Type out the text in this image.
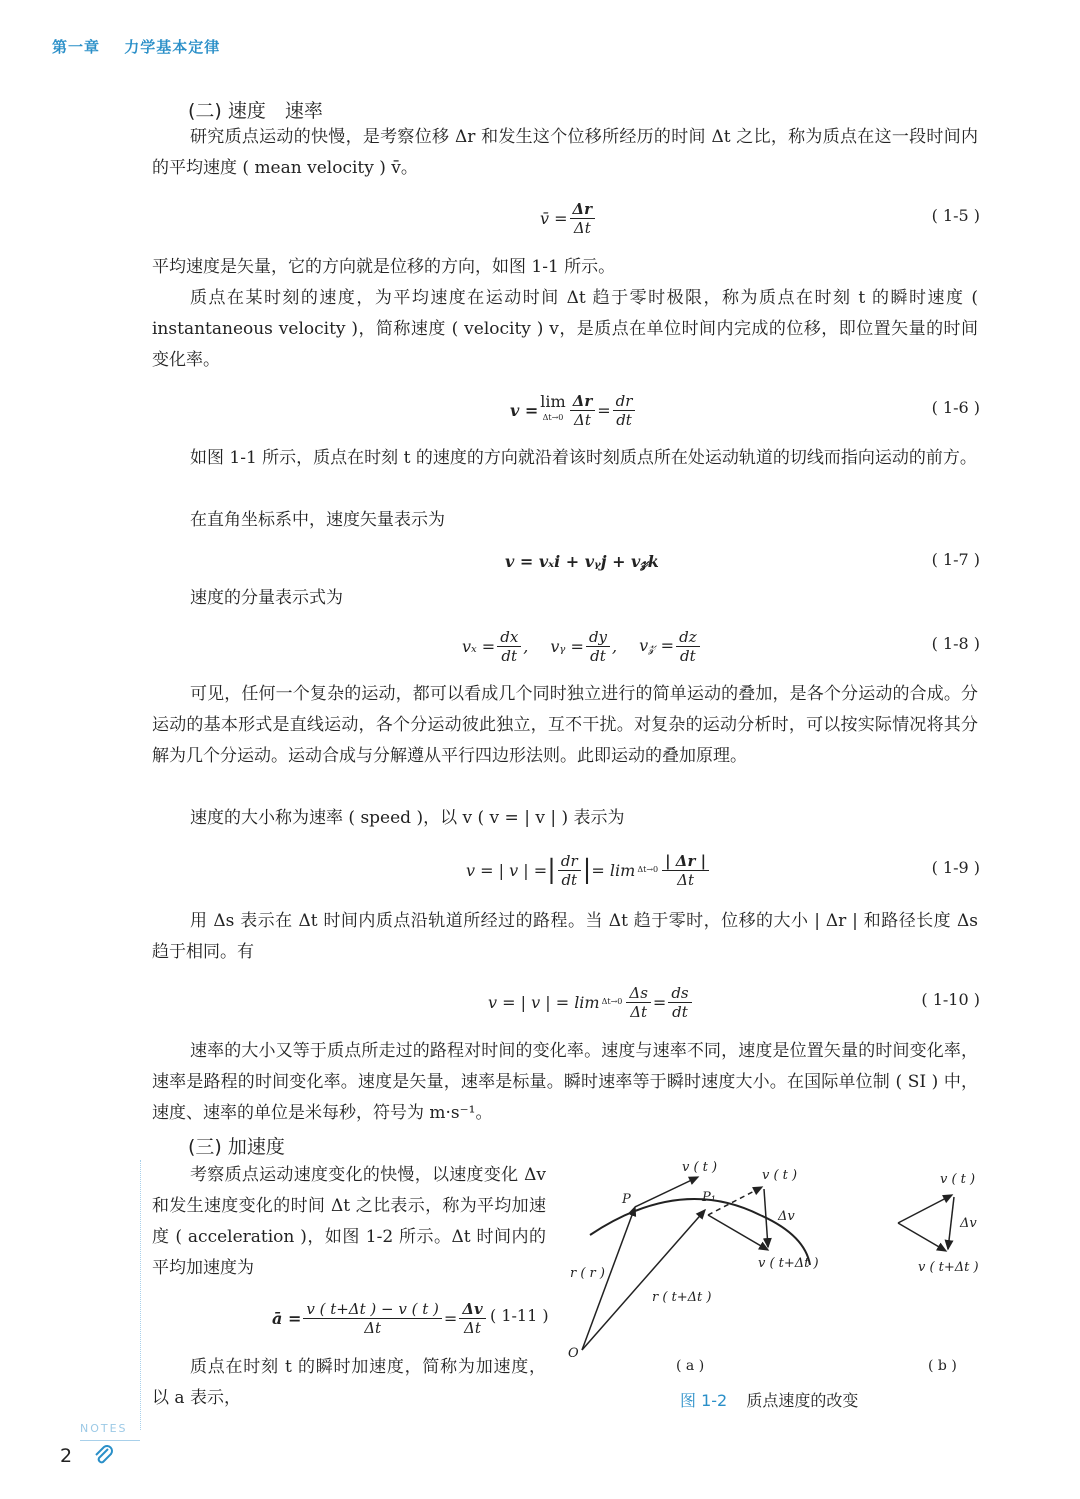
第一章 力学基本定律
(二) 速度　速率
研究质点运动的快慢，是考察位移 Δr 和发生这个位移所经历的时间 Δt 之比，称为质点在这一段时间内的平均速度 ( mean velocity ) v̄。
v̄ = $\frac{\Delta r}{\Delta t}$	( 1-5 )
平均速度是矢量，它的方向就是位移的方向，如图 1-1 所示。
质点在某时刻的速度，为平均速度在运动时间 Δt 趋于零时极限，称为质点在时刻 t 的瞬时速度 ( instantaneous velocity )，简称速度 ( velocity ) v，是质点在单位时间内完成的位移，即位置矢量的时间变化率。
v = lim
$\Delta t\to 0 \frac{\Delta r}{\Delta t} = \frac{dr}{dt}$	( 1-6 )
如图 1-1 所示，质点在时刻 t 的速度的方向就沿着该时刻质点所在处运动轨道的切线而指向运动的前方。
在直角坐标系中，速度矢量表示为
v = vₓi + vᵧj + v𝓏k	( 1-7 )
速度的分量表示式为
$v_x = \frac{dx}{dt}$ , vᵧ = $\frac{dy}{dt}$ , v𝓏 = $\frac{dz}{dt}$	( 1-8 )
可见，任何一个复杂的运动，都可以看成几个同时独立进行的简单运动的叠加，是各个分运动的合成。分运动的基本形式是直线运动，各个分运动彼此独立，互不干扰。对复杂的运动分析时，可以按实际情况将其分解为几个分运动。运动合成与分解遵从平行四边形法则。此即运动的叠加原理。
速度的大小称为速率 ( speed )，以 v ( v = | v | ) 表示为
v = | v | = | $\frac{dr}{dt}$ | = $\lim \Delta t\to 0 \frac{| \Delta r |}{\Delta t}$	( 1-9 )
用 Δs 表示在 Δt 时间内质点沿轨道所经过的路程。当 Δt 趋于零时，位移的大小 | Δr | 和路径长度 Δs 趋于相同。有
v = | v | = $\lim \Delta t\to 0 \frac{\Delta s}{\Delta t} = \frac{ds}{dt}$	( 1-10 )
速率的大小又等于质点所走过的路程对时间的变化率。速度与速率不同，速度是位置矢量的时间变化率，速率是路程的时间变化率。速度是矢量，速率是标量。瞬时速率等于瞬时速度大小。在国际单位制 ( SI ) 中，速度、速率的单位是米每秒，符号为 m·s⁻¹。
(三) 加速度
考察质点运动速度变化的快慢，以速度变化 Δv 和发生速度变化的时间 Δt 之比表示，称为平均加速度 ( acceleration )，如图 1-2 所示。Δt 时间内的平均加速度为
ā = $\frac{v ( t+\Delta t ) - v ( t )}{\Delta t} = \frac{\Delta v}{\Delta t}$ ( 1-11 )
质点在时刻 t 的瞬时加速度，简称为加速度，以 a 表示，
v ( t )
P	P₁
v ( t )
Δv
v ( t+Δt )
r ( r )
r ( t+Δt )
O
v ( t )
Δv
v ( t+Δt )
( a )	( b )
图 1-2 质点速度的改变
NOTES
2
